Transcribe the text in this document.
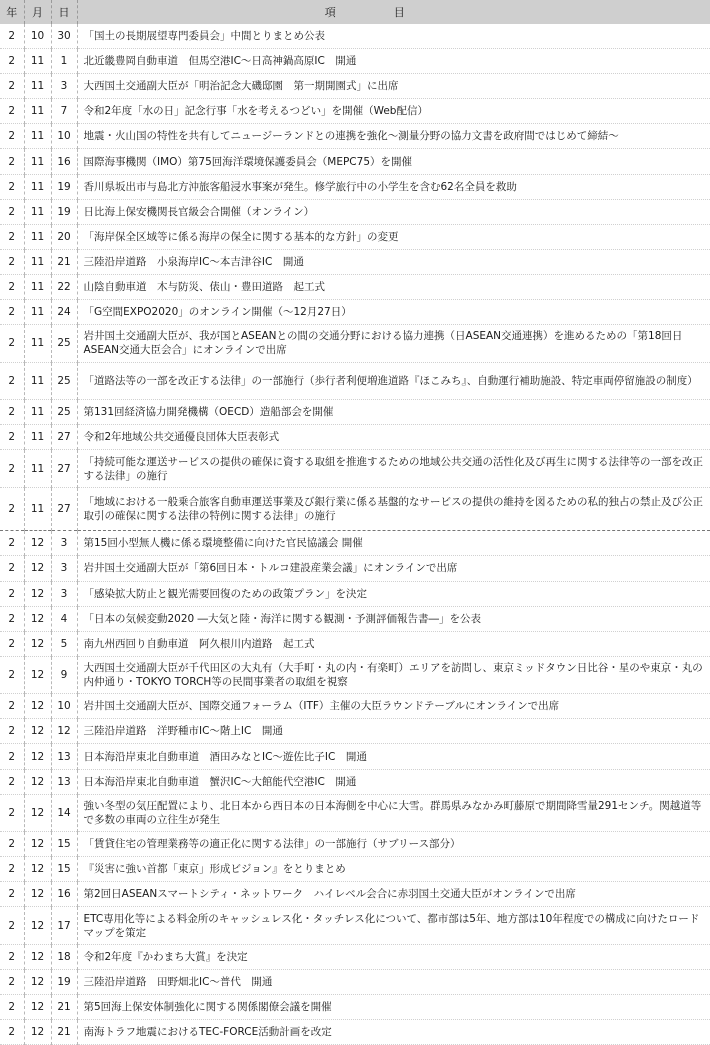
年	月	日	項目
2	10	30	「国土の長期展望専門委員会」中間とりまとめ公表
2	11	1	北近畿豊岡自動車道　但馬空港IC～日高神鍋高原IC　開通
2	11	3	大西国土交通副大臣が「明治記念大磯邸園　第一期開園式」に出席
2	11	7	令和2年度「水の日」記念行事「水を考えるつどい」を開催（Web配信）
2	11	10	地震・火山国の特性を共有してニュージーランドとの連携を強化～測量分野の協力文書を政府間ではじめて締結～
2	11	16	国際海事機関（IMO）第75回海洋環境保護委員会（MEPC75）を開催
2	11	19	香川県坂出市与島北方沖旅客船浸水事案が発生。修学旅行中の小学生を含む62名全員を救助
2	11	19	日比海上保安機関長官級会合開催（オンライン）
2	11	20	「海岸保全区域等に係る海岸の保全に関する基本的な方針」の変更
2	11	21	三陸沿岸道路　小泉海岸IC～本吉津谷IC　開通
2	11	22	山陰自動車道　木与防災、俵山・豊田道路　起工式
2	11	24	「G空間EXPO2020」のオンライン開催（～12月27日）
2	11	25	岩井国土交通副大臣が、我が国とASEANとの間の交通分野における協力連携（日ASEAN交通連携）を進めるための「第18回日ASEAN交通大臣会合」にオンラインで出席
2	11	25	「道路法等の一部を改正する法律」の一部施行（歩行者利便増進道路『ほこみち』、自動運行補助施設、特定車両停留施設の制度）
2	11	25	第131回経済協力開発機構（OECD）造船部会を開催
2	11	27	令和2年地域公共交通優良団体大臣表彰式
2	11	27	「持続可能な運送サービスの提供の確保に資する取組を推進するための地域公共交通の活性化及び再生に関する法律等の一部を改正する法律」の施行
2	11	27	「地域における一般乗合旅客自動車運送事業及び銀行業に係る基盤的なサービスの提供の維持を図るための私的独占の禁止及び公正取引の確保に関する法律の特例に関する法律」の施行
2	12	3	第15回小型無人機に係る環境整備に向けた官民協議会 開催
2	12	3	岩井国土交通副大臣が「第6回日本・トルコ建設産業会議」にオンラインで出席
2	12	3	「感染拡大防止と観光需要回復のための政策プラン」を決定
2	12	4	「日本の気候変動2020 ―大気と陸・海洋に関する観測・予測評価報告書―」を公表
2	12	5	南九州西回り自動車道　阿久根川内道路　起工式
2	12	9	大西国土交通副大臣が千代田区の大丸有（大手町・丸の内・有楽町）エリアを訪問し、東京ミッドタウン日比谷・星のや東京・丸の内仲通り・TOKYO TORCH等の民間事業者の取組を視察
2	12	10	岩井国土交通副大臣が、国際交通フォーラム（ITF）主催の大臣ラウンドテーブルにオンラインで出席
2	12	12	三陸沿岸道路　洋野種市IC～階上IC　開通
2	12	13	日本海沿岸東北自動車道　酒田みなとIC～遊佐比子IC　開通
2	12	13	日本海沿岸東北自動車道　蟹沢IC～大館能代空港IC　開通
2	12	14	強い冬型の気圧配置により、北日本から西日本の日本海側を中心に大雪。群馬県みなかみ町藤原で期間降雪量291センチ。関越道等で多数の車両の立往生が発生
2	12	15	「賃貸住宅の管理業務等の適正化に関する法律」の一部施行（サブリース部分）
2	12	15	『災害に強い首都「東京」形成ビジョン』をとりまとめ
2	12	16	第2回日ASEANスマートシティ・ネットワーク　ハイレベル会合に赤羽国土交通大臣がオンラインで出席
2	12	17	ETC専用化等による料金所のキャッシュレス化・タッチレス化について、都市部は5年、地方部は10年程度での構成に向けたロードマップを策定
2	12	18	令和2年度『かわまち大賞』を決定
2	12	19	三陸沿岸道路　田野畑北IC～普代　開通
2	12	21	第5回海上保安体制強化に関する関係閣僚会議を開催
2	12	21	南海トラフ地震におけるTEC-FORCE活動計画を改定
